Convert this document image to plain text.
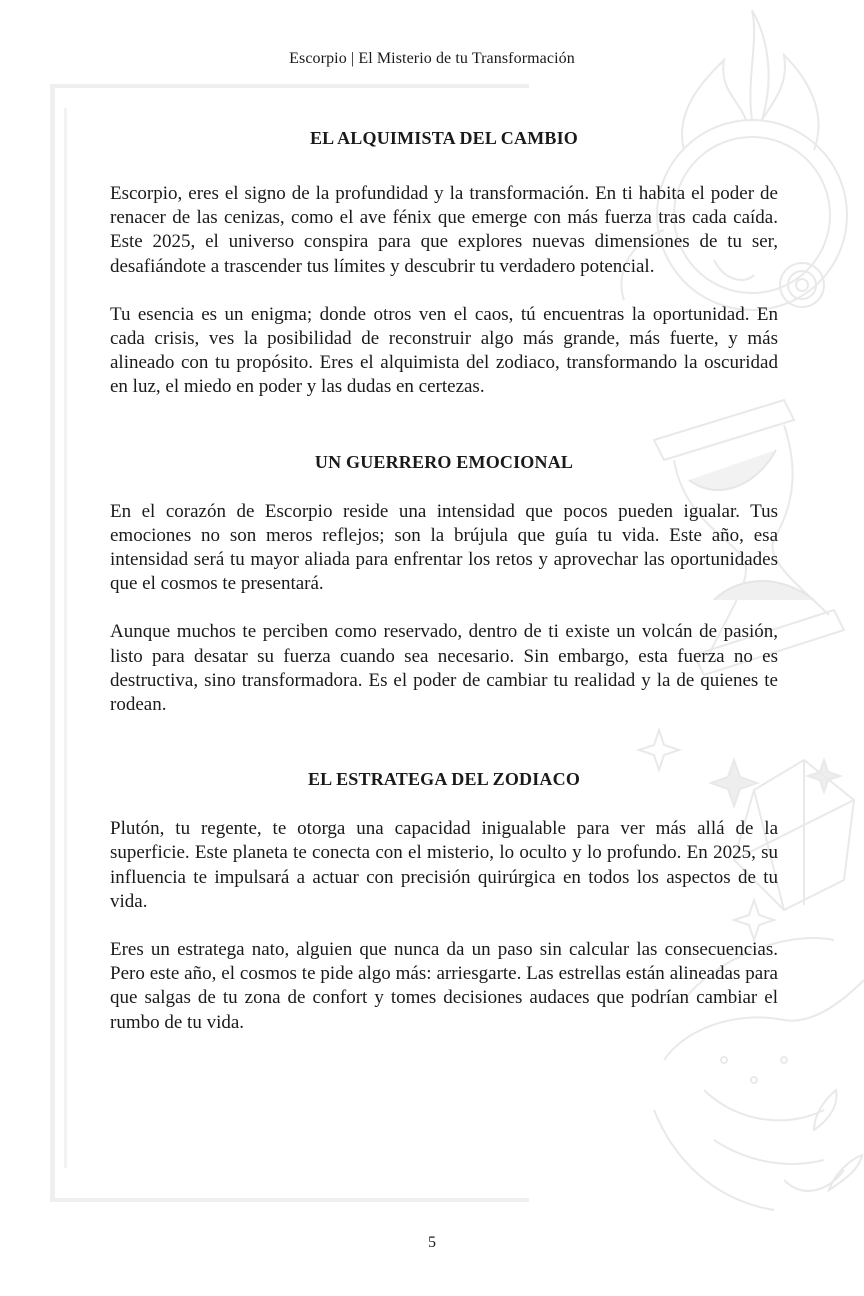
Escorpio | El Misterio de tu Transformación
EL ALQUIMISTA DEL CAMBIO

Escorpio, eres el signo de la profundidad y la transformación. En ti habita el poder de renacer de las cenizas, como el ave fénix que emerge con más fuerza tras cada caída. Este 2025, el universo conspira para que explores nuevas dimensiones de tu ser, desafiándote a trascender tus límites y descubrir tu verdadero potencial.

Tu esencia es un enigma; donde otros ven el caos, tú encuentras la oportunidad. En cada crisis, ves la posibilidad de reconstruir algo más grande, más fuerte, y más alineado con tu propósito. Eres el alquimista del zodiaco, transformando la oscuridad en luz, el miedo en poder y las dudas en certezas.

UN GUERRERO EMOCIONAL

En el corazón de Escorpio reside una intensidad que pocos pueden igualar. Tus emociones no son meros reflejos; son la brújula que guía tu vida. Este año, esa intensidad será tu mayor aliada para enfrentar los retos y aprovechar las oportunidades que el cosmos te presentará.

Aunque muchos te perciben como reservado, dentro de ti existe un volcán de pasión, listo para desatar su fuerza cuando sea necesario. Sin embargo, esta fuerza no es destructiva, sino transformadora. Es el poder de cambiar tu realidad y la de quienes te rodean.

EL ESTRATEGA DEL ZODIACO

Plutón, tu regente, te otorga una capacidad inigualable para ver más allá de la superficie. Este planeta te conecta con el misterio, lo oculto y lo profundo. En 2025, su influencia te impulsará a actuar con precisión quirúrgica en todos los aspectos de tu vida.

Eres un estratega nato, alguien que nunca da un paso sin calcular las consecuencias. Pero este año, el cosmos te pide algo más: arriesgarte. Las estrellas están alineadas para que salgas de tu zona de confort y tomes decisiones audaces que podrían cambiar el rumbo de tu vida.

5
